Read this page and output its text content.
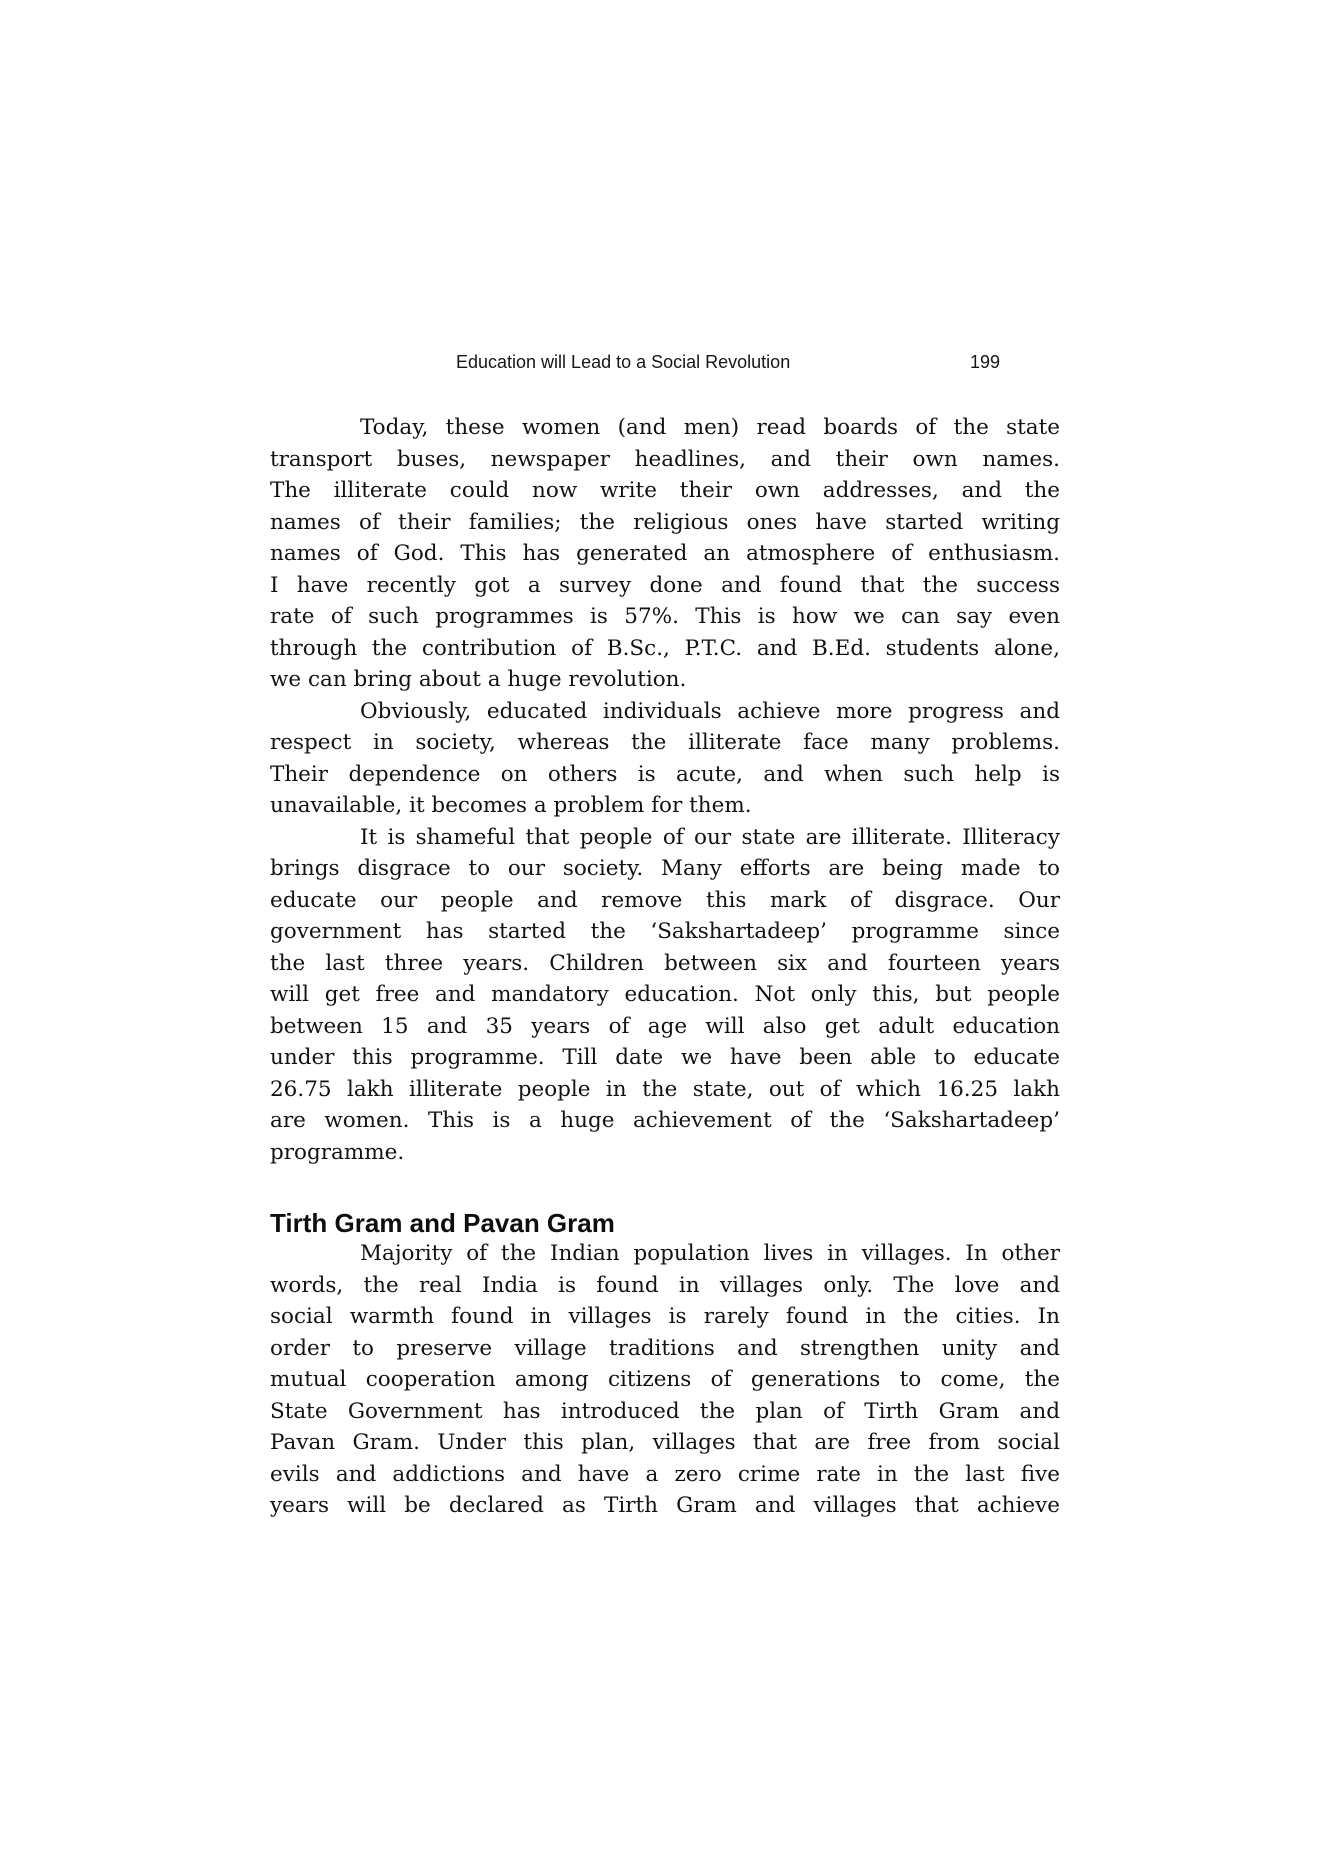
Education will Lead to a Social Revolution	199
Today, these women (and men) read boards of the state
transport buses, newspaper headlines, and their own names.
The illiterate could now write their own addresses, and the
names of their families; the religious ones have started writing
names of God. This has generated an atmosphere of enthusiasm.
I have recently got a survey done and found that the success
rate of such programmes is 57%. This is how we can say even
through the contribution of B.Sc., P.T.C. and B.Ed. students alone,
we can bring about a huge revolution.
Obviously, educated individuals achieve more progress and
respect in society, whereas the illiterate face many problems.
Their dependence on others is acute, and when such help is
unavailable, it becomes a problem for them.
It is shameful that people of our state are illiterate. Illiteracy
brings disgrace to our society. Many efforts are being made to
educate our people and remove this mark of disgrace. Our
government has started the ‘Sakshartadeep’ programme since
the last three years. Children between six and fourteen years
will get free and mandatory education. Not only this, but people
between 15 and 35 years of age will also get adult education
under this programme. Till date we have been able to educate
26.75 lakh illiterate people in the state, out of which 16.25 lakh
are women. This is a huge achievement of the ‘Sakshartadeep’
programme.
Tirth Gram and Pavan Gram
Majority of the Indian population lives in villages. In other
words, the real India is found in villages only. The love and
social warmth found in villages is rarely found in the cities. In
order to preserve village traditions and strengthen unity and
mutual cooperation among citizens of generations to come, the
State Government has introduced the plan of Tirth Gram and
Pavan Gram. Under this plan, villages that are free from social
evils and addictions and have a zero crime rate in the last five
years will be declared as Tirth Gram and villages that achieve
